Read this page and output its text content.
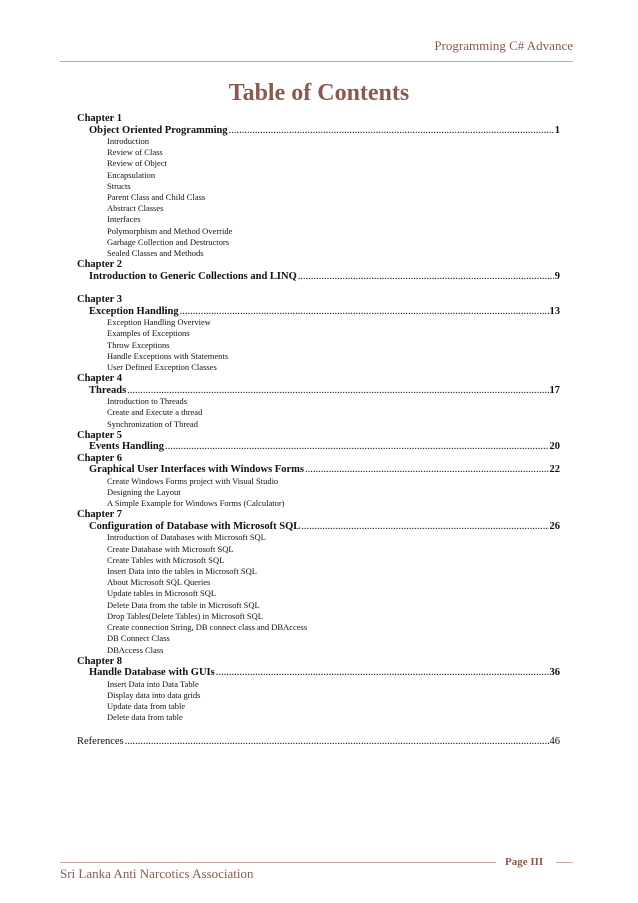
Programming C# Advance
Table of Contents
Chapter 1
Object Oriented Programming .....	1
Introduction
Review of Class
Review of Object
Encapsulation
Structs
Parent Class and Child Class
Abstract Classes
Interfaces
Polymorphism and Method Override
Garbage Collection and Destructors
Sealed Classes and Methods
Chapter 2
Introduction to Generic Collections and LINQ .....	9
Chapter 3
Exception Handling .....	13
Exception Handling Overview
Examples of Exceptions
Throw Exceptions
Handle Exceptions with Statements
User Defined Exception Classes
Chapter 4
Threads .....	17
Introduction to Threads
Create and Execute a thread
Synchronization of Thread
Chapter 5
Events Handling .....	20
Chapter 6
Graphical User Interfaces with Windows Forms .....	22
Create Windows Forms project with Visual Studio
Designing the Layout
A Simple Example for Windows Forms (Calculator)
Chapter 7
Configuration of Database with Microsoft SQL .....	26
Introduction of Databases with Microsoft SQL
Create Database with Microsoft SQL
Create Tables with Microsoft SQL
Insert Data into the tables in Microsoft SQL
About Microsoft SQL Queries
Update tables in Microsoft SQL
Delete Data from the table in Microsoft SQL
Drop Tables(Delete Tables) in Microsoft SQL
Create connection String, DB connect class and DBAccess
DB Connect Class
DBAccess Class
Chapter 8
Handle Database with GUIs .....	36
Insert Data into Data Table
Display data into data grids
Update data from table
Delete data from table
References .....	46
Sri Lanka Anti Narcotics Association
Page III
